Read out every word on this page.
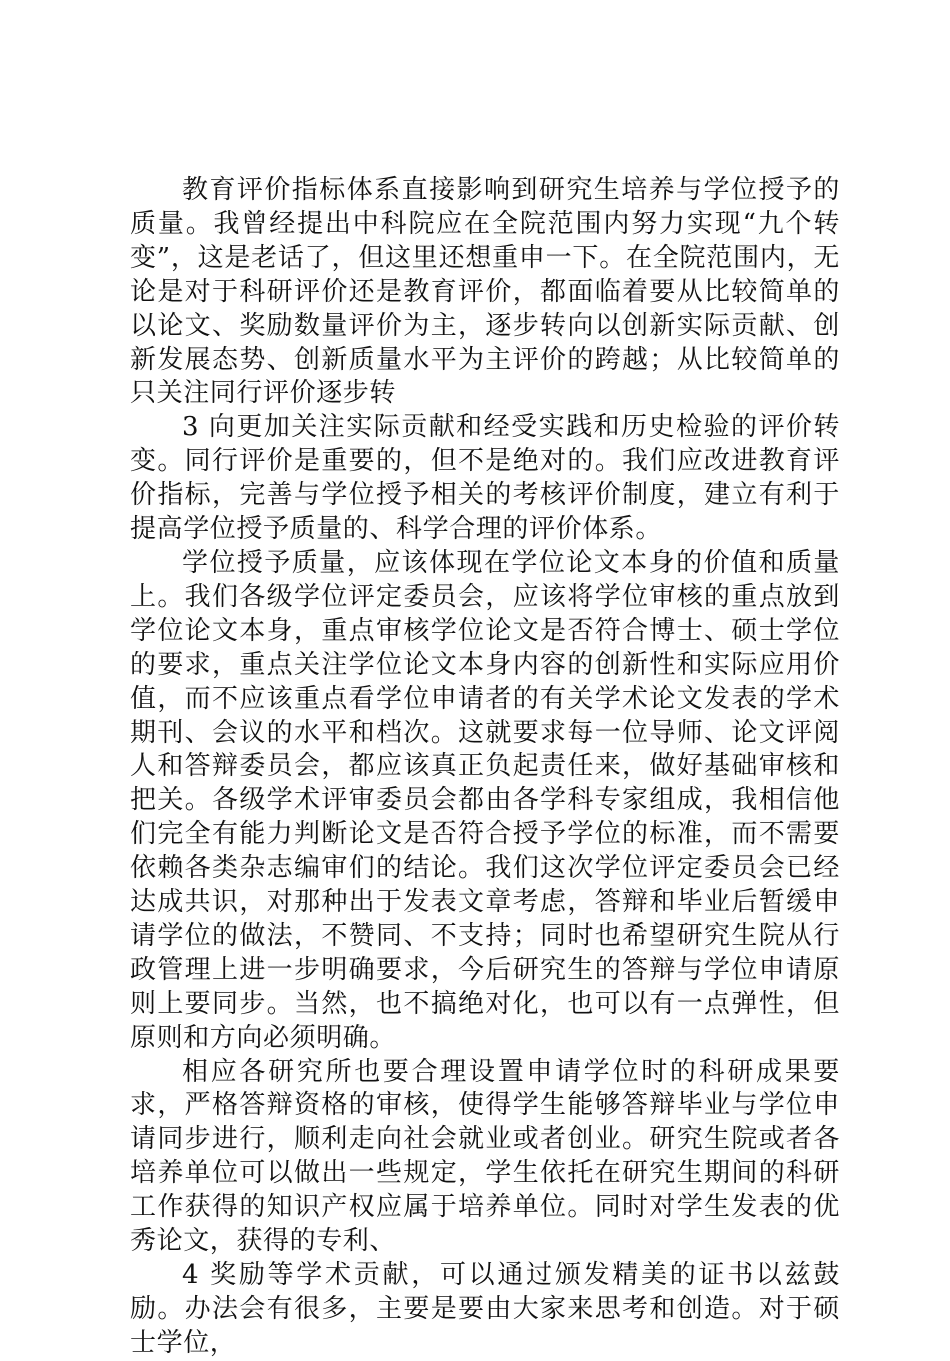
教育评价指标体系直接影响到研究生培养与学位授予的质量。我曾经提出中科院应在全院范围内努力实现“九个转变”，这是老话了，但这里还想重申一下。在全院范围内，无论是对于科研评价还是教育评价，都面临着要从比较简单的以论文、奖励数量评价为主，逐步转向以创新实际贡献、创新发展态势、创新质量水平为主评价的跨越；从比较简单的只关注同行评价逐步转

3 向更加关注实际贡献和经受实践和历史检验的评价转变。同行评价是重要的，但不是绝对的。我们应改进教育评价指标，完善与学位授予相关的考核评价制度，建立有利于提高学位授予质量的、科学合理的评价体系。

学位授予质量，应该体现在学位论文本身的价值和质量上。我们各级学位评定委员会，应该将学位审核的重点放到学位论文本身，重点审核学位论文是否符合博士、硕士学位的要求，重点关注学位论文本身内容的创新性和实际应用价值，而不应该重点看学位申请者的有关学术论文发表的学术期刊、会议的水平和档次。这就要求每一位导师、论文评阅人和答辩委员会，都应该真正负起责任来，做好基础审核和把关。各级学术评审委员会都由各学科专家组成，我相信他们完全有能力判断论文是否符合授予学位的标准，而不需要依赖各类杂志编审们的结论。我们这次学位评定委员会已经达成共识，对那种出于发表文章考虑，答辩和毕业后暂缓申请学位的做法，不赞同、不支持；同时也希望研究生院从行政管理上进一步明确要求，今后研究生的答辩与学位申请原则上要同步。当然，也不搞绝对化，也可以有一点弹性，但原则和方向必须明确。

相应各研究所也要合理设置申请学位时的科研成果要求，严格答辩资格的审核，使得学生能够答辩毕业与学位申请同步进行，顺利走向社会就业或者创业。研究生院或者各培养单位可以做出一些规定，学生依托在研究生期间的科研工作获得的知识产权应属于培养单位。同时对学生发表的优秀论文，获得的专利、

4 奖励等学术贡献，可以通过颁发精美的证书以兹鼓励。办法会有很多，主要是要由大家来思考和创造。对于硕士学位，
